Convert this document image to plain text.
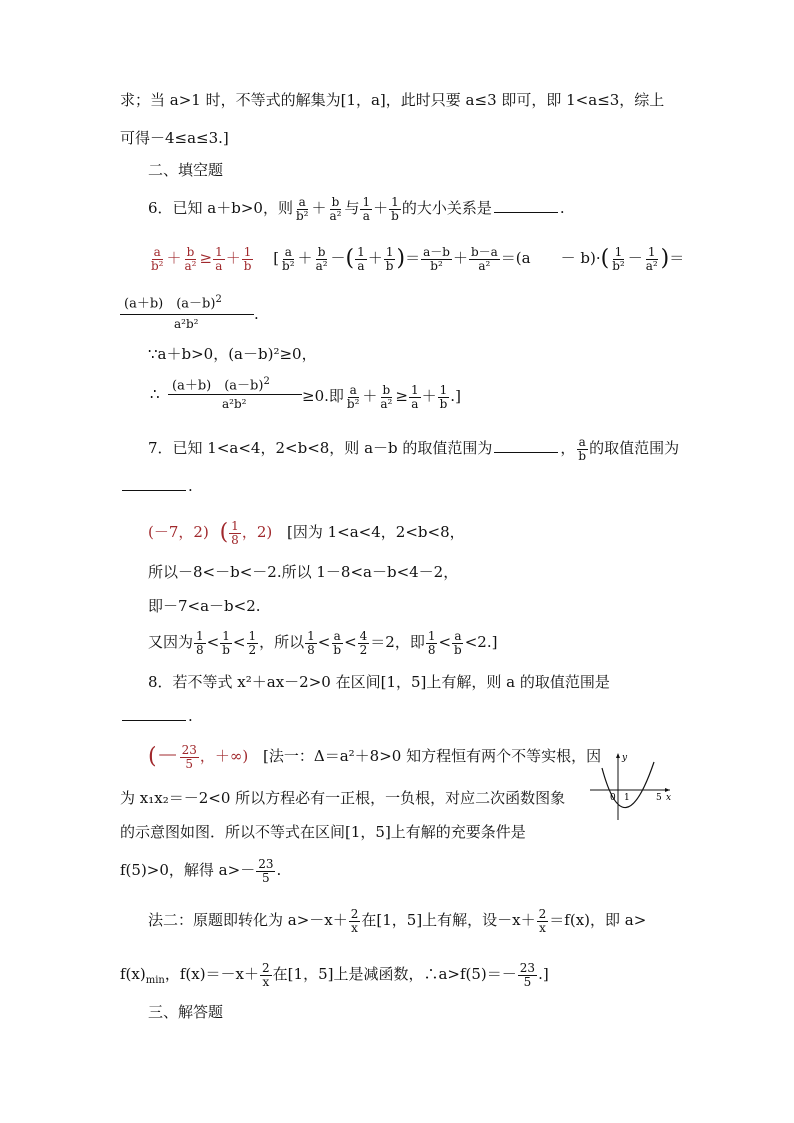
求；当 a>1 时，不等式的解集为[1，a]，此时只要 a≤3 即可，即 1<a≤3，综上
可得－4≤a≤3.]
二、填空题
6．已知 a＋b>0，则 $\frac{a}{\text{b²}} + \frac{b}{\text{a²}}$ 与 $\frac{1}{a} + \frac{1}{b}$ 的大小关系是	.
$\frac{a}{\text{b²}} + \frac{b}{\text{a²}} \ge \frac{1}{a} + \frac{1}{b}$ [ $\frac{a}{\text{b²}} + \frac{b}{\text{a²}}$ －( $\frac{1}{a} + \frac{1}{b}$ )＝ $\frac{a-b}{\text{b²}} + \frac{b-a}{\text{a²}} =(a$　　－ $b)\cdot( \frac{1}{\text{b²}} - \frac{1}{\text{a²}}$ )＝
(a＋b)　$(a-b)^2$
a²b²
.
∵a＋b>0，(a－b)²≥0，
∴ (a＋b)　$(a-b)^2$
a²b²	≥0.即 $\frac{a}{\text{b²}} + \frac{b}{\text{a²}} \ge \frac{1}{a} + \frac{1}{b}$ .]
7．已知 1<a<4，2<b<8，则 a－b 的取值范围为	， $\frac{a}{b}$ 的取值范围为
.
(－7，2) ( $\frac{1}{8}$ ，2) [因为 1<a<4，2<b<8，
所以－8<－b<－2.所以 1－8<a－b<4－2，
即－7<a－b<2.
又因为 $\frac{1}{8} < \frac{1}{b} < \frac{1}{2}$ ，所以 $\frac{1}{8} < \frac{a}{b} < \frac{4}{2} =2$，即 $\frac{1}{8} < \frac{a}{b} <2$.]
8．若不等式 x²＋ax－2>0 在区间[1，5]上有解，则 a 的取值范围是
.
(－ $\frac{23}{5}$ ，＋∞) [法一：Δ＝a²＋8>0 知方程恒有两个不等实根，因 y
x
0 1	5
为 x₁x₂＝－2<0 所以方程必有一正根，一负根，对应二次函数图象
的示意图如图．所以不等式在区间[1，5]上有解的充要条件是
f(5)>0，解得 $a>- \frac{23}{5}$ .
法二：原题即转化为 $a>-x+ \frac{2}{x}$ 在[1，5]上有解，设$-x+ \frac{2}{x} =f(x)$，即 a>
$f(x)_{min}$，$f(x)=-x+ \frac{2}{x}$ 在[1，5]上是减函数，∴a>f(5)＝－ $\frac{23}{5}$ .]
三、解答题
